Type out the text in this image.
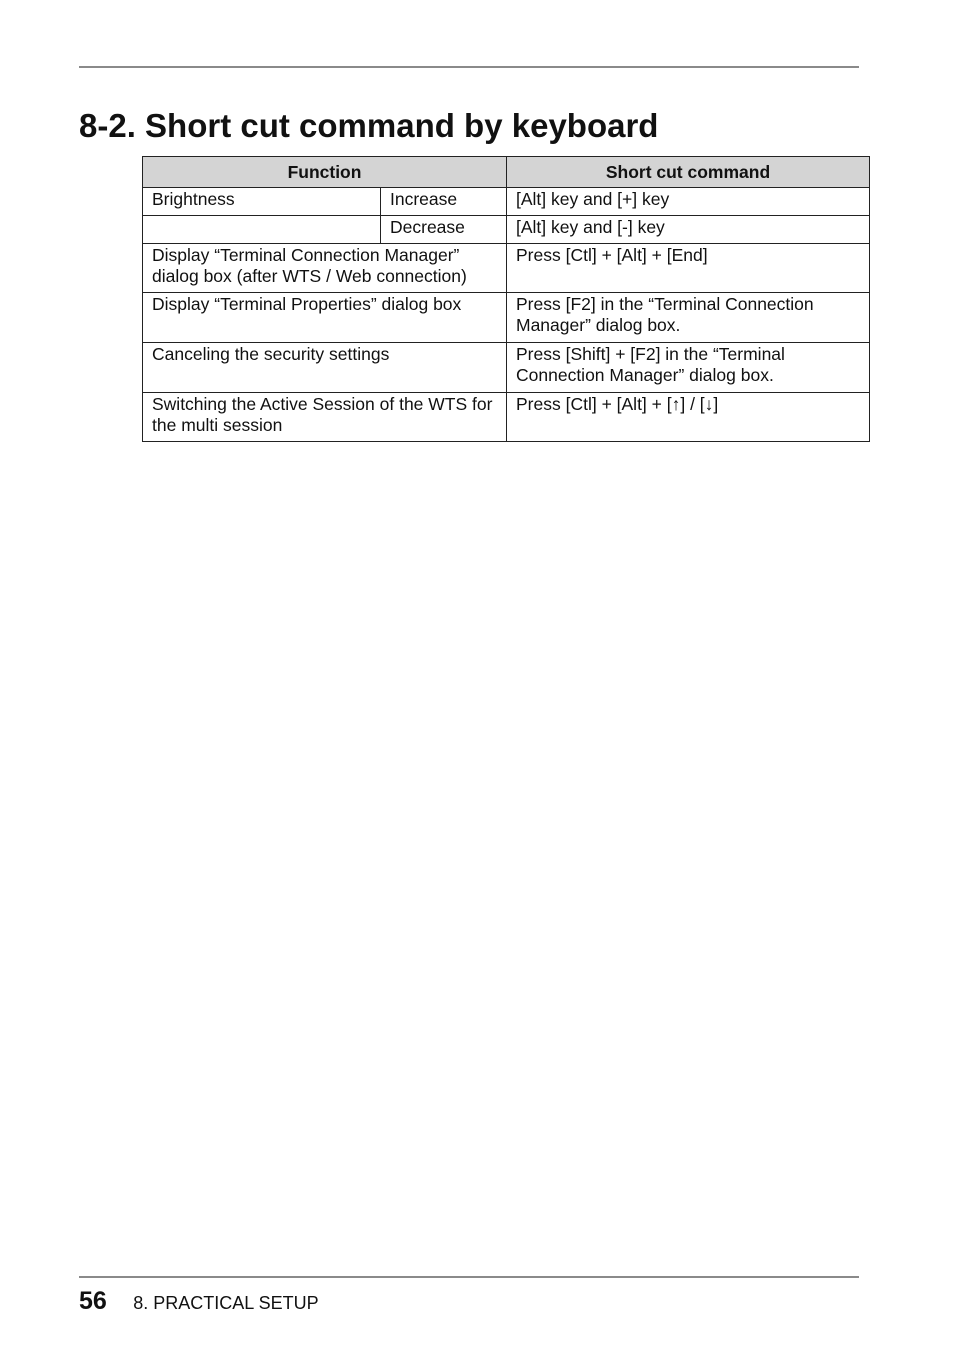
8-2. Short cut command by keyboard
Function		Short cut command
Brightness	Increase	[Alt] key and [+] key
	Decrease	[Alt] key and [-] key
Display “Terminal Connection Manager” dialog box (after WTS / Web connection)		Press [Ctl] + [Alt] + [End]
Display “Terminal Properties” dialog box		Press [F2] in the “Terminal Connection Manager” dialog box.
Canceling the security settings		Press [Shift] + [F2] in the “Terminal Connection Manager” dialog box.
Switching the Active Session of the WTS for the multi session		Press [Ctl] + [Alt] + [↑] / [↓]
56 8. PRACTICAL SETUP
